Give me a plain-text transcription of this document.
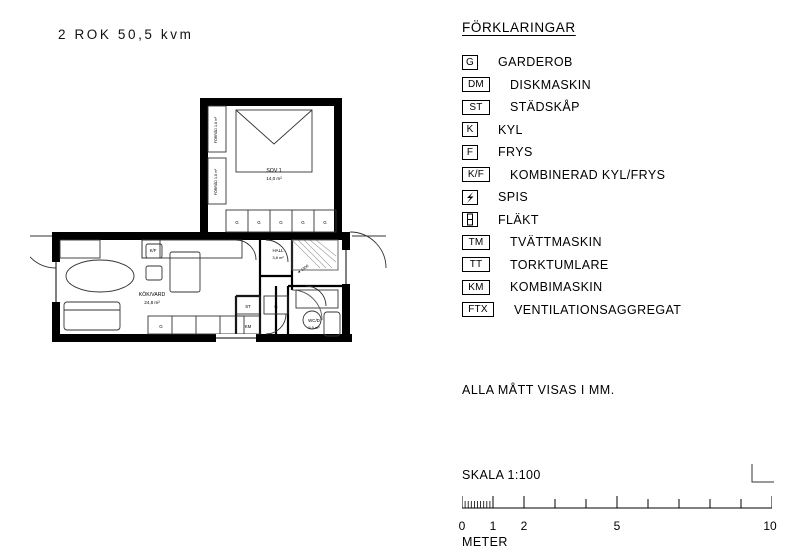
2 ROK 50,5 kvm
SOV 1
14,0 m²
KÖK/VARD
24,8 m²
HALL
3,8 m²
WC/D
5,5 m²
FÖRRÅD 1,8 m²
FÖRRÅD 1,8 m²
G	G	G	G	G
ST	G
KM
G
K/F
◄ 1300
FÖRKLARINGAR
G	GARDEROB
DM	DISKMASKIN
ST	STÄDSKÅP
K	KYL
F	FRYS
K/F	KOMBINERAD KYL/FRYS
SPIS
FLÄKT
TM	TVÄTTMASKIN
TT	TORKTUMLARE
KM	KOMBIMASKIN
FTX	VENTILATIONSAGGREGAT
ALLA MÅTT VISAS I MM.
SKALA 1:100
0 1 2	5	10
METER
